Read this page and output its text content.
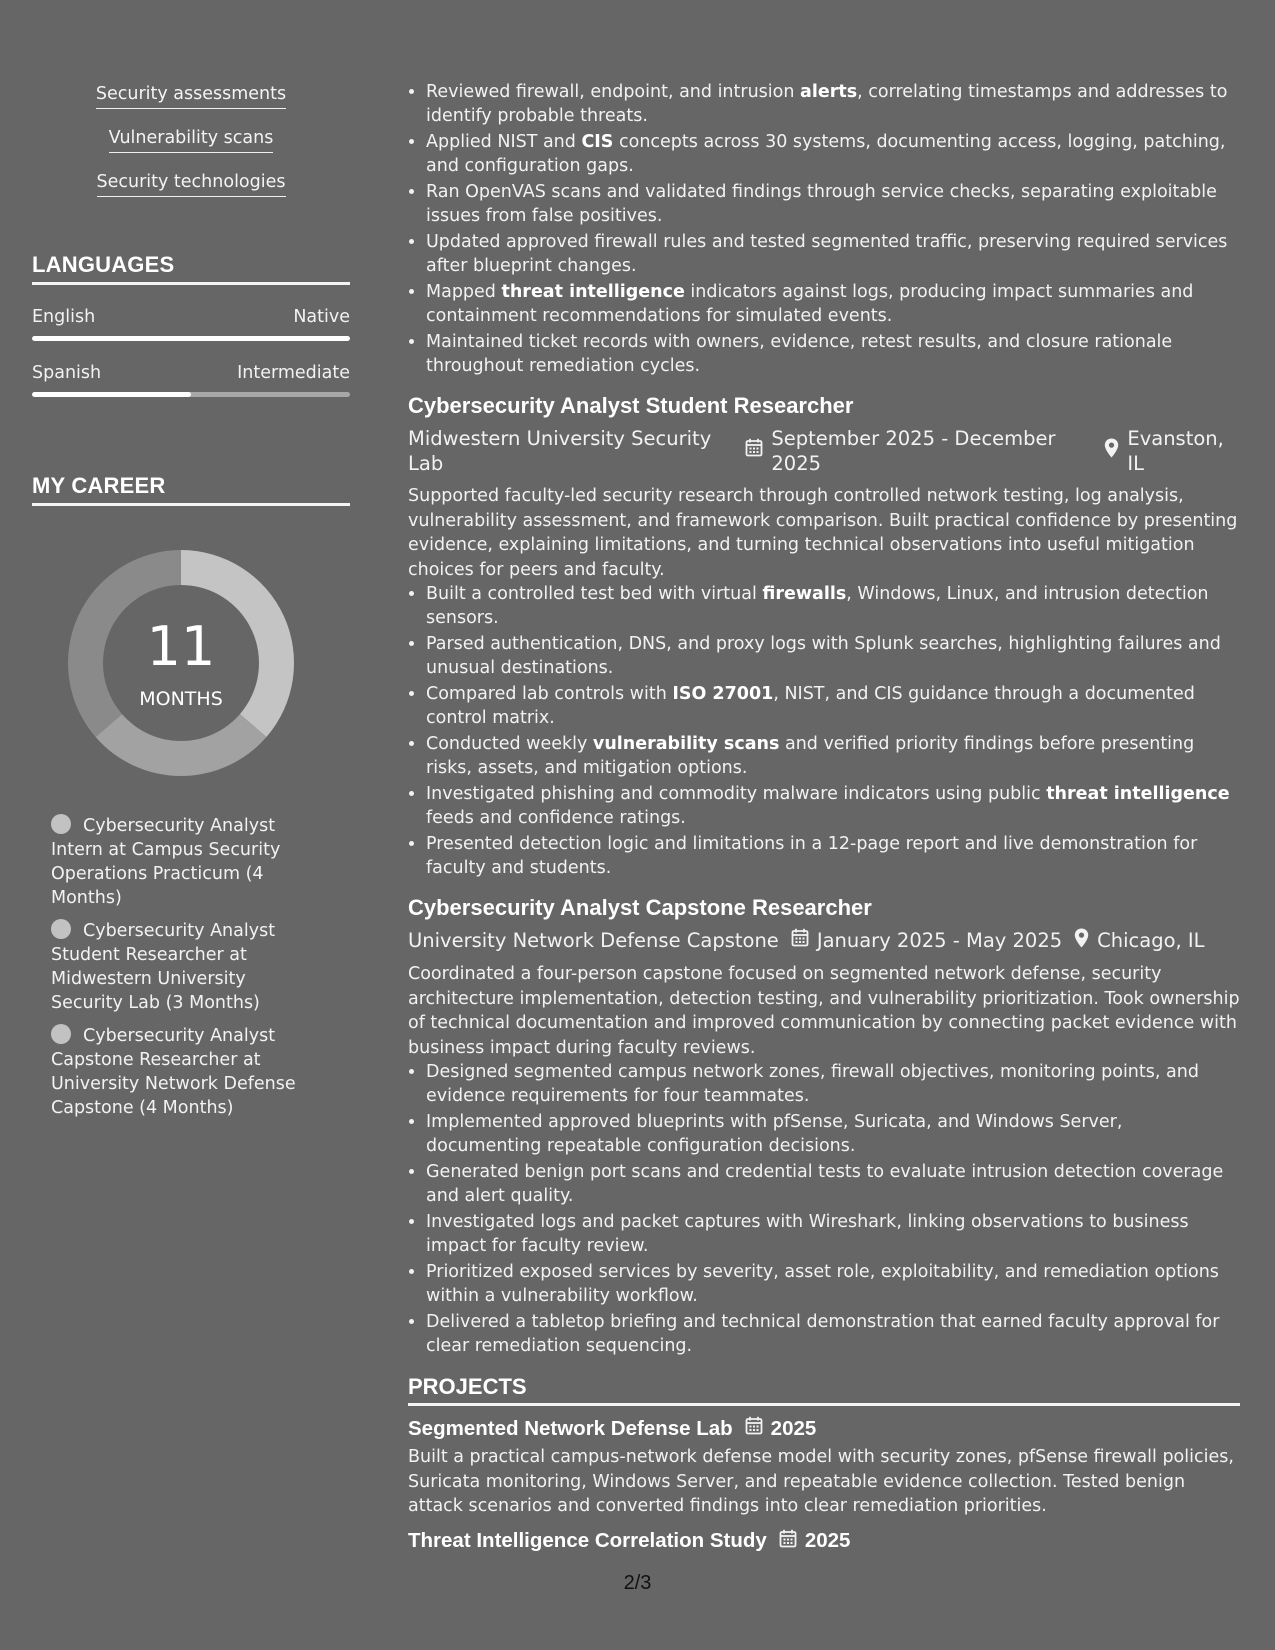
Security assessments
Vulnerability scans
Security technologies
LANGUAGES
English	Native
Spanish	Intermediate
MY CAREER
11
MONTHS
Cybersecurity Analyst Intern at Campus Security Operations Practicum (4 Months)
Cybersecurity Analyst Student Researcher at Midwestern University Security Lab (3 Months)
Cybersecurity Analyst Capstone Researcher at University Network Defense Capstone (4 Months)
• Reviewed firewall, endpoint, and intrusion alerts, correlating timestamps and addresses to identify probable threats.
• Applied NIST and CIS concepts across 30 systems, documenting access, logging, patching, and configuration gaps.
• Ran OpenVAS scans and validated findings through service checks, separating exploitable issues from false positives.
• Updated approved firewall rules and tested segmented traffic, preserving required services after blueprint changes.
• Mapped threat intelligence indicators against logs, producing impact summaries and containment recommendations for simulated events.
• Maintained ticket records with owners, evidence, retest results, and closure rationale throughout remediation cycles.
Cybersecurity Analyst Student Researcher
Midwestern University Security Lab
September 2025 - December 2025
Evanston, IL
Supported faculty-led security research through controlled network testing, log analysis, vulnerability assessment, and framework comparison. Built practical confidence by presenting evidence, explaining limitations, and turning technical observations into useful mitigation choices for peers and faculty.
• Built a controlled test bed with virtual firewalls, Windows, Linux, and intrusion detection sensors.
• Parsed authentication, DNS, and proxy logs with Splunk searches, highlighting failures and unusual destinations.
• Compared lab controls with ISO 27001, NIST, and CIS guidance through a documented control matrix.
• Conducted weekly vulnerability scans and verified priority findings before presenting risks, assets, and mitigation options.
• Investigated phishing and commodity malware indicators using public threat intelligence feeds and confidence ratings.
• Presented detection logic and limitations in a 12-page report and live demonstration for faculty and students.
Cybersecurity Analyst Capstone Researcher
University Network Defense Capstone January 2025 - May 2025 Chicago, IL
Coordinated a four-person capstone focused on segmented network defense, security architecture implementation, detection testing, and vulnerability prioritization. Took ownership of technical documentation and improved communication by connecting packet evidence with business impact during faculty reviews.
• Designed segmented campus network zones, firewall objectives, monitoring points, and evidence requirements for four teammates.
• Implemented approved blueprints with pfSense, Suricata, and Windows Server, documenting repeatable configuration decisions.
• Generated benign port scans and credential tests to evaluate intrusion detection coverage and alert quality.
• Investigated logs and packet captures with Wireshark, linking observations to business impact for faculty review.
• Prioritized exposed services by severity, asset role, exploitability, and remediation options within a vulnerability workflow.
• Delivered a tabletop briefing and technical demonstration that earned faculty approval for clear remediation sequencing.
PROJECTS
Segmented Network Defense Lab 2025
Built a practical campus-network defense model with security zones, pfSense firewall policies, Suricata monitoring, Windows Server, and repeatable evidence collection. Tested benign attack scenarios and converted findings into clear remediation priorities.
Threat Intelligence Correlation Study 2025
2/3
